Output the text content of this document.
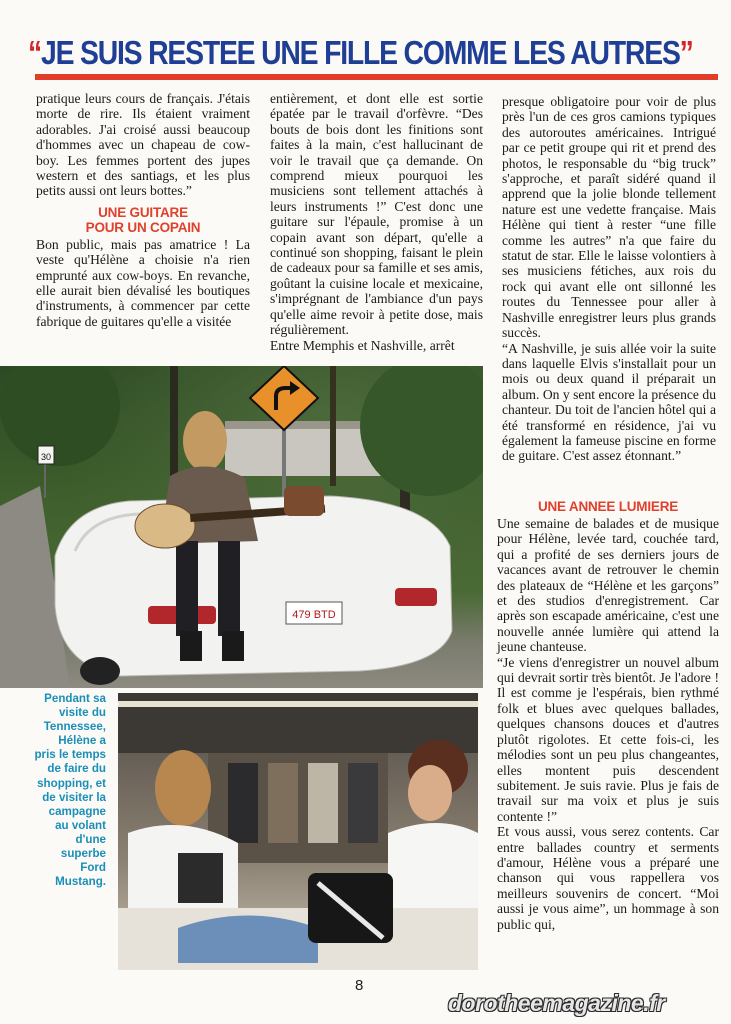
“JE SUIS RESTEE UNE FILLE COMME LES AUTRES”

pratique leurs cours de français. J'étais morte de rire. Ils étaient vraiment adorables. J'ai croisé aussi beaucoup d'hommes avec un chapeau de cow-boy. Les femmes portent des jupes western et des santiags, et les plus petits aussi ont leurs bottes.”

UNE GUITARE
POUR UN COPAIN

Bon public, mais pas amatrice ! La veste qu'Hélène a choisie n'a rien emprunté aux cow-boys. En revanche, elle aurait bien dévalisé les boutiques d'instruments, à commencer par cette fabrique de guitares qu'elle a visitée

entièrement, et dont elle est sortie épatée par le travail d'orfèvre. “Des bouts de bois dont les finitions sont faites à la main, c'est hallucinant de voir le travail que ça demande. On comprend mieux pourquoi les musiciens sont tellement attachés à leurs instruments !” C'est donc une guitare sur l'épaule, promise à un copain avant son départ, qu'elle a continué son shopping, faisant le plein de cadeaux pour sa famille et ses amis, goûtant la cuisine locale et mexicaine, s'imprégnant de l'ambiance d'un pays qu'elle aime revoir à petite dose, mais régulièrement.

Entre Memphis et Nashville, arrêt

presque obligatoire pour voir de plus près l'un de ces gros camions typiques des autoroutes américaines. Intrigué par ce petit groupe qui rit et prend des photos, le responsable du “big truck” s'approche, et paraît sidéré quand il apprend que la jolie blonde tellement nature est une vedette française. Mais Hélène qui tient à rester “une fille comme les autres” n'a que faire du statut de star. Elle le laisse volontiers à ses musiciens fétiches, aux rois du rock qui avant elle ont sillonné les routes du Tennessee pour aller à Nashville enregistrer leurs plus grands succès.

“A Nashville, je suis allée voir la suite dans laquelle Elvis s'installait pour un mois ou deux quand il préparait un album. On y sent encore la présence du chanteur. Du toit de l'ancien hôtel qui a été transformé en résidence, j'ai vu également la fameuse piscine en forme de guitare. C'est assez étonnant.”

UNE ANNEE LUMIERE

Une semaine de balades et de musique pour Hélène, levée tard, couchée tard, qui a profité de ses derniers jours de vacances avant de retrouver le chemin des plateaux de “Hélène et les garçons” et des studios d'enregistrement. Car après son escapade américaine, c'est une nouvelle année lumière qui attend la jeune chanteuse.

“Je viens d'enregistrer un nouvel album qui devrait sortir très bientôt. Je l'adore ! Il est comme je l'espérais, bien rythmé folk et blues avec quelques ballades, quelques chansons douces et d'autres plutôt rigolotes. Et cette fois-ci, les mélodies sont un peu plus changeantes, elles montent puis descendent subitement. Je suis ravie. Plus je fais de travail sur ma voix et plus je suis contente !”

Et vous aussi, vous serez contents. Car entre ballades country et serments d'amour, Hélène vous a préparé une chanson qui vous rappellera vos meilleurs souvenirs de concert. “Moi aussi je vous aime”, un hommage à son public qui,

30
479 BTD
Pendant sa visite du Tennessee, Hélène a pris le temps de faire du shopping, et de visiter la campagne au volant d'une superbe Ford Mustang.
8
dorotheemagazine.fr
